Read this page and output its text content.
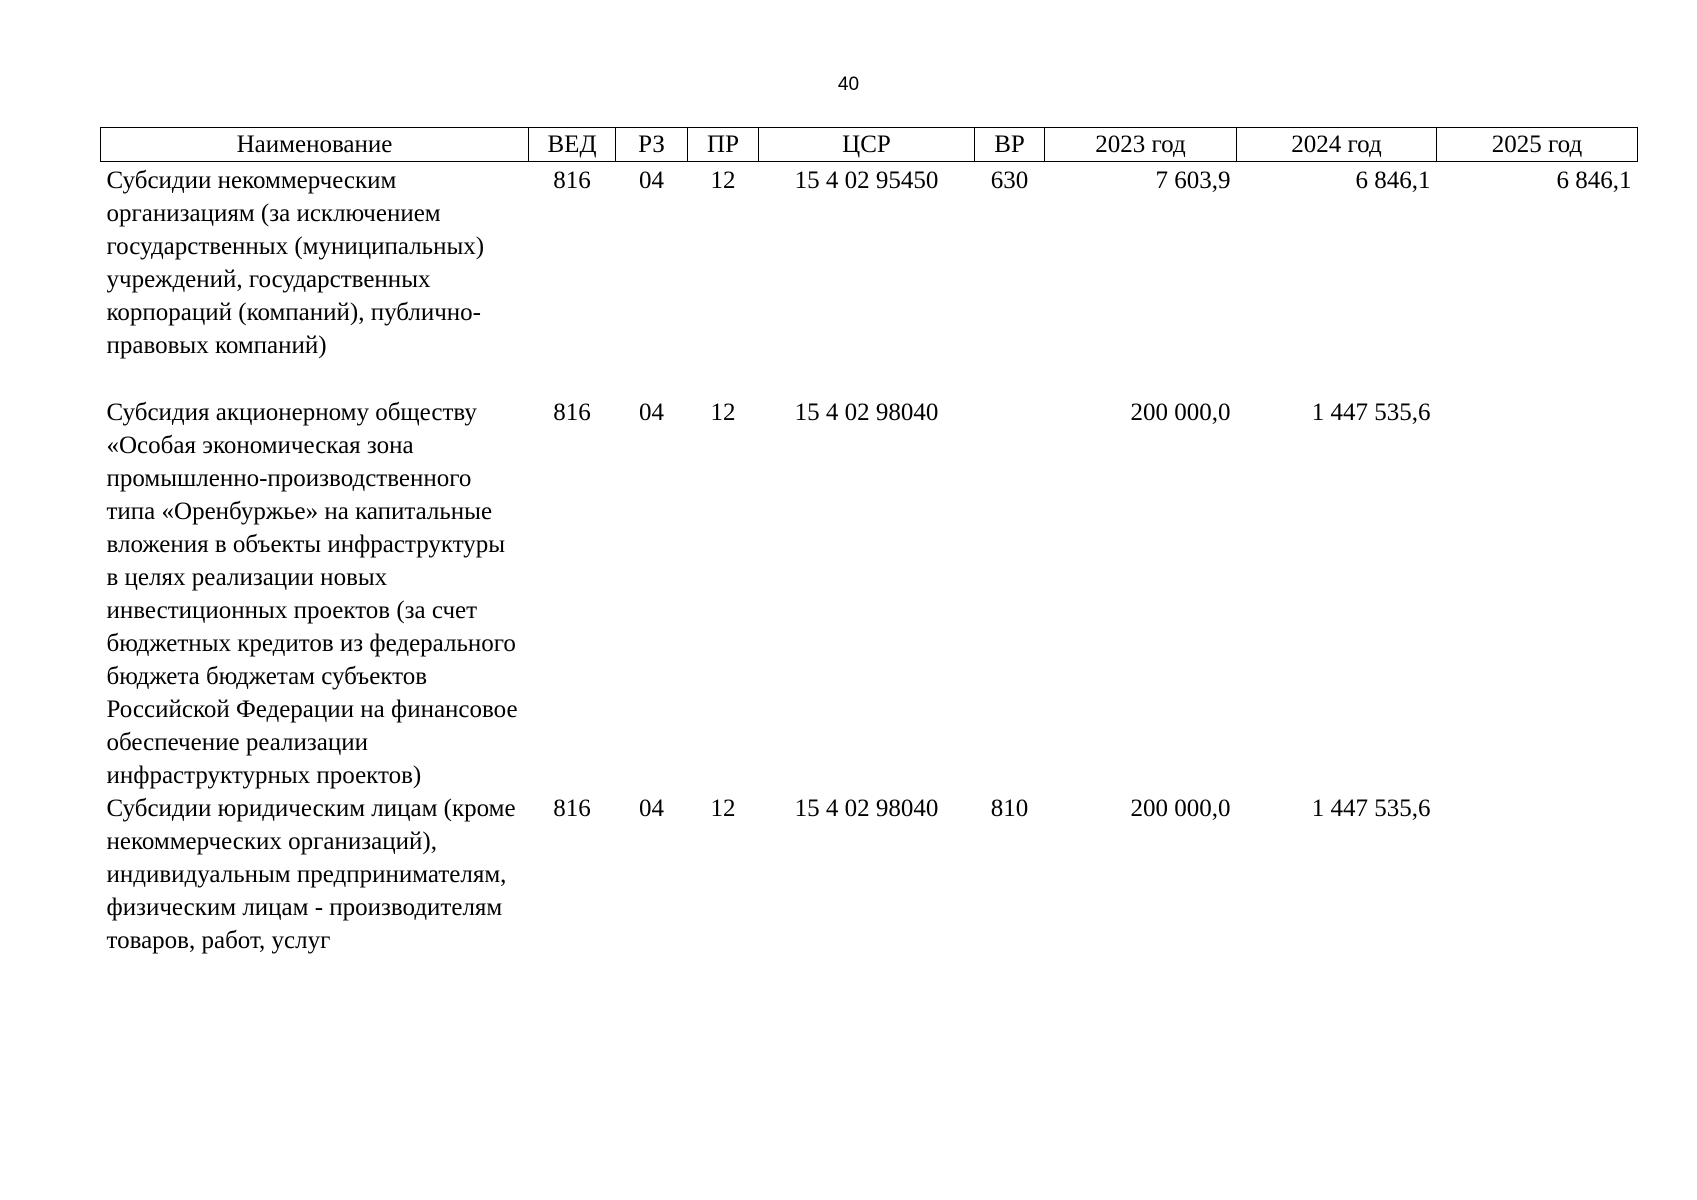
40
Наименование	ВЕД	РЗ	ПР	ЦСР	ВР	2023 год	2024 год	2025 год
Субсидии некоммерческим организациям (за исключением государственных (муниципальных) учреждений, государственных корпораций (компаний), публично-правовых компаний)	816	04	12	15 4 02 95450	630	7 603,9	6 846,1	6 846,1
Субсидия акционерному обществу «Особая экономическая зона промышленно-производственного типа «Оренбуржье» на капитальные вложения в объекты инфраструктуры в целях реализации новых инвестиционных проектов (за счет бюджетных кредитов из федерального бюджета бюджетам субъектов Российской Федерации на финансовое обеспечение реализации инфраструктурных проектов)	816	04	12	15 4 02 98040		200 000,0	1 447 535,6	
Субсидии юридическим лицам (кроме некоммерческих организаций), индивидуальным предпринимателям, физическим лицам - производителям товаров, работ, услуг	816	04	12	15 4 02 98040	810	200 000,0	1 447 535,6	
